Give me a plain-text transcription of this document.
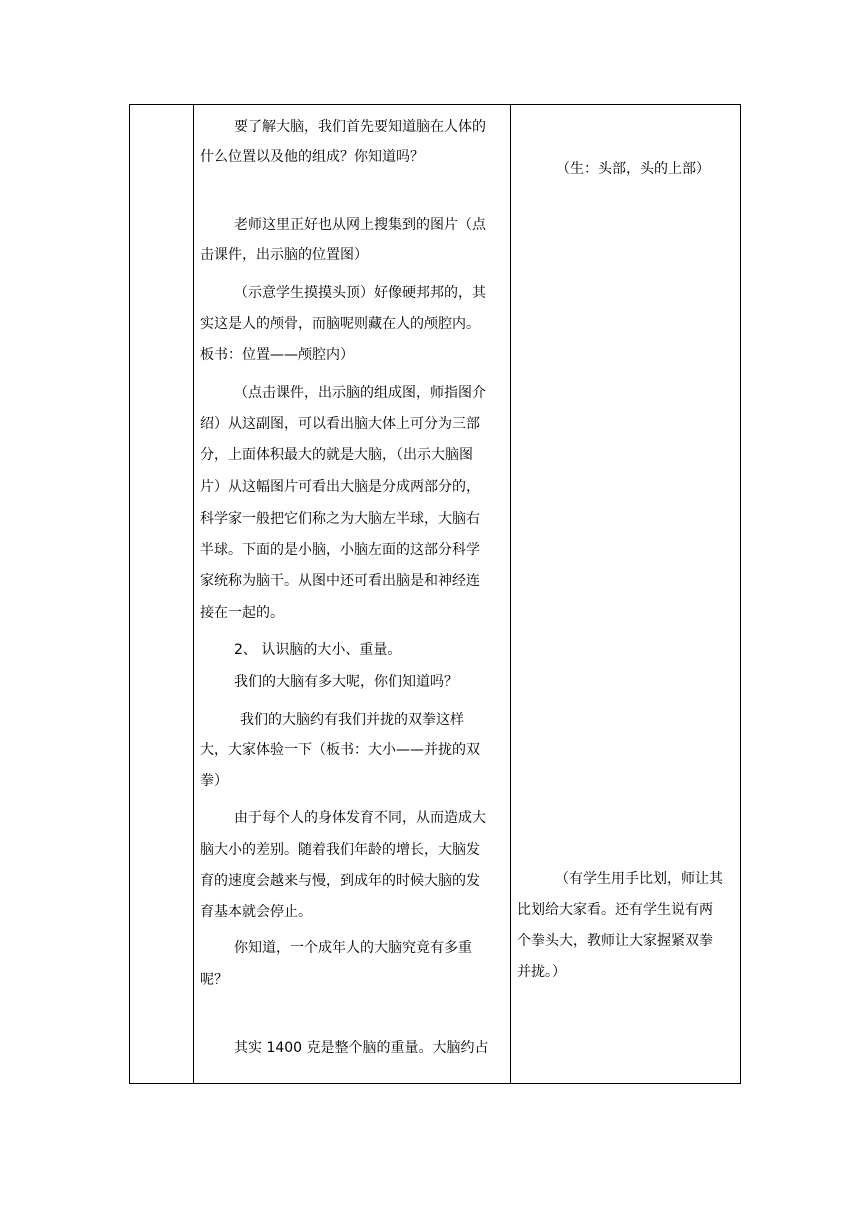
要了解大脑，我们首先要知道脑在人体的
什么位置以及他的组成？你知道吗？
老师这里正好也从网上搜集到的图片（点
击课件，出示脑的位置图）
（示意学生摸摸头顶）好像硬邦邦的，其
实这是人的颅骨，而脑呢则藏在人的颅腔内。
板书：位置——颅腔内）
（点击课件，出示脑的组成图，师指图介
绍）从这副图，可以看出脑大体上可分为三部
分，上面体积最大的就是大脑，（出示大脑图
片）从这幅图片可看出大脑是分成两部分的，
科学家一般把它们称之为大脑左半球，大脑右
半球。下面的是小脑，小脑左面的这部分科学
家统称为脑干。从图中还可看出脑是和神经连
接在一起的。
2、 认识脑的大小、重量。
我们的大脑有多大呢，你们知道吗？
我们的大脑约有我们并拢的双拳这样
大，大家体验一下（板书：大小——并拢的双
拳）
由于每个人的身体发育不同，从而造成大
脑大小的差别。随着我们年龄的增长，大脑发
育的速度会越来与慢，到成年的时候大脑的发
育基本就会停止。
你知道，一个成年人的大脑究竟有多重
呢？
其实 1400 克是整个脑的重量。大脑约占
（生：头部，头的上部）
（有学生用手比划，师让其
比划给大家看。还有学生说有两
个拳头大，教师让大家握紧双拳
并拢。）
